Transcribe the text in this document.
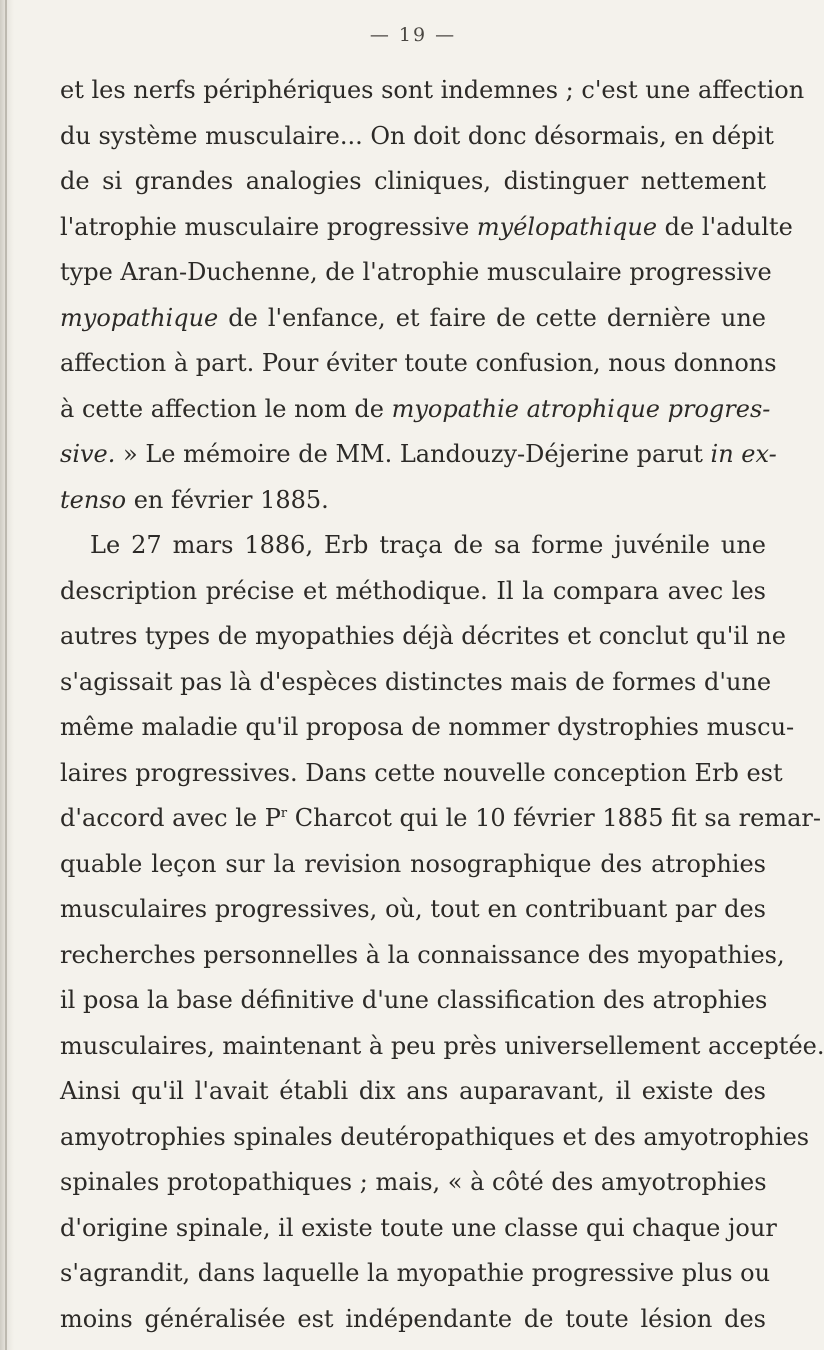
— 19 —
et les nerfs périphériques sont indemnes ; c'est une affection
du système musculaire... On doit donc désormais, en dépit
de si grandes analogies cliniques, distinguer nettement
l'atrophie musculaire progressive myélopathique de l'adulte
type Aran-Duchenne, de l'atrophie musculaire progressive
myopathique de l'enfance, et faire de cette dernière une
affection à part. Pour éviter toute confusion, nous donnons
à cette affection le nom de myopathie atrophique progres-
sive. » Le mémoire de MM. Landouzy-Déjerine parut in ex-
tenso en février 1885.
Le 27 mars 1886, Erb traça de sa forme juvénile une
description précise et méthodique. Il la compara avec les
autres types de myopathies déjà décrites et conclut qu'il ne
s'agissait pas là d'espèces distinctes mais de formes d'une
même maladie qu'il proposa de nommer dystrophies muscu-
laires progressives. Dans cette nouvelle conception Erb est
d'accord avec le $P^r$ Charcot qui le 10 février 1885 fit sa remar-
quable leçon sur la revision nosographique des atrophies
musculaires progressives, où, tout en contribuant par des
recherches personnelles à la connaissance des myopathies,
il posa la base définitive d'une classification des atrophies
musculaires, maintenant à peu près universellement acceptée.
Ainsi qu'il l'avait établi dix ans auparavant, il existe des
amyotrophies spinales deutéropathiques et des amyotrophies
spinales protopathiques ; mais, « à côté des amyotrophies
d'origine spinale, il existe toute une classe qui chaque jour
s'agrandit, dans laquelle la myopathie progressive plus ou
moins généralisée est indépendante de toute lésion des
